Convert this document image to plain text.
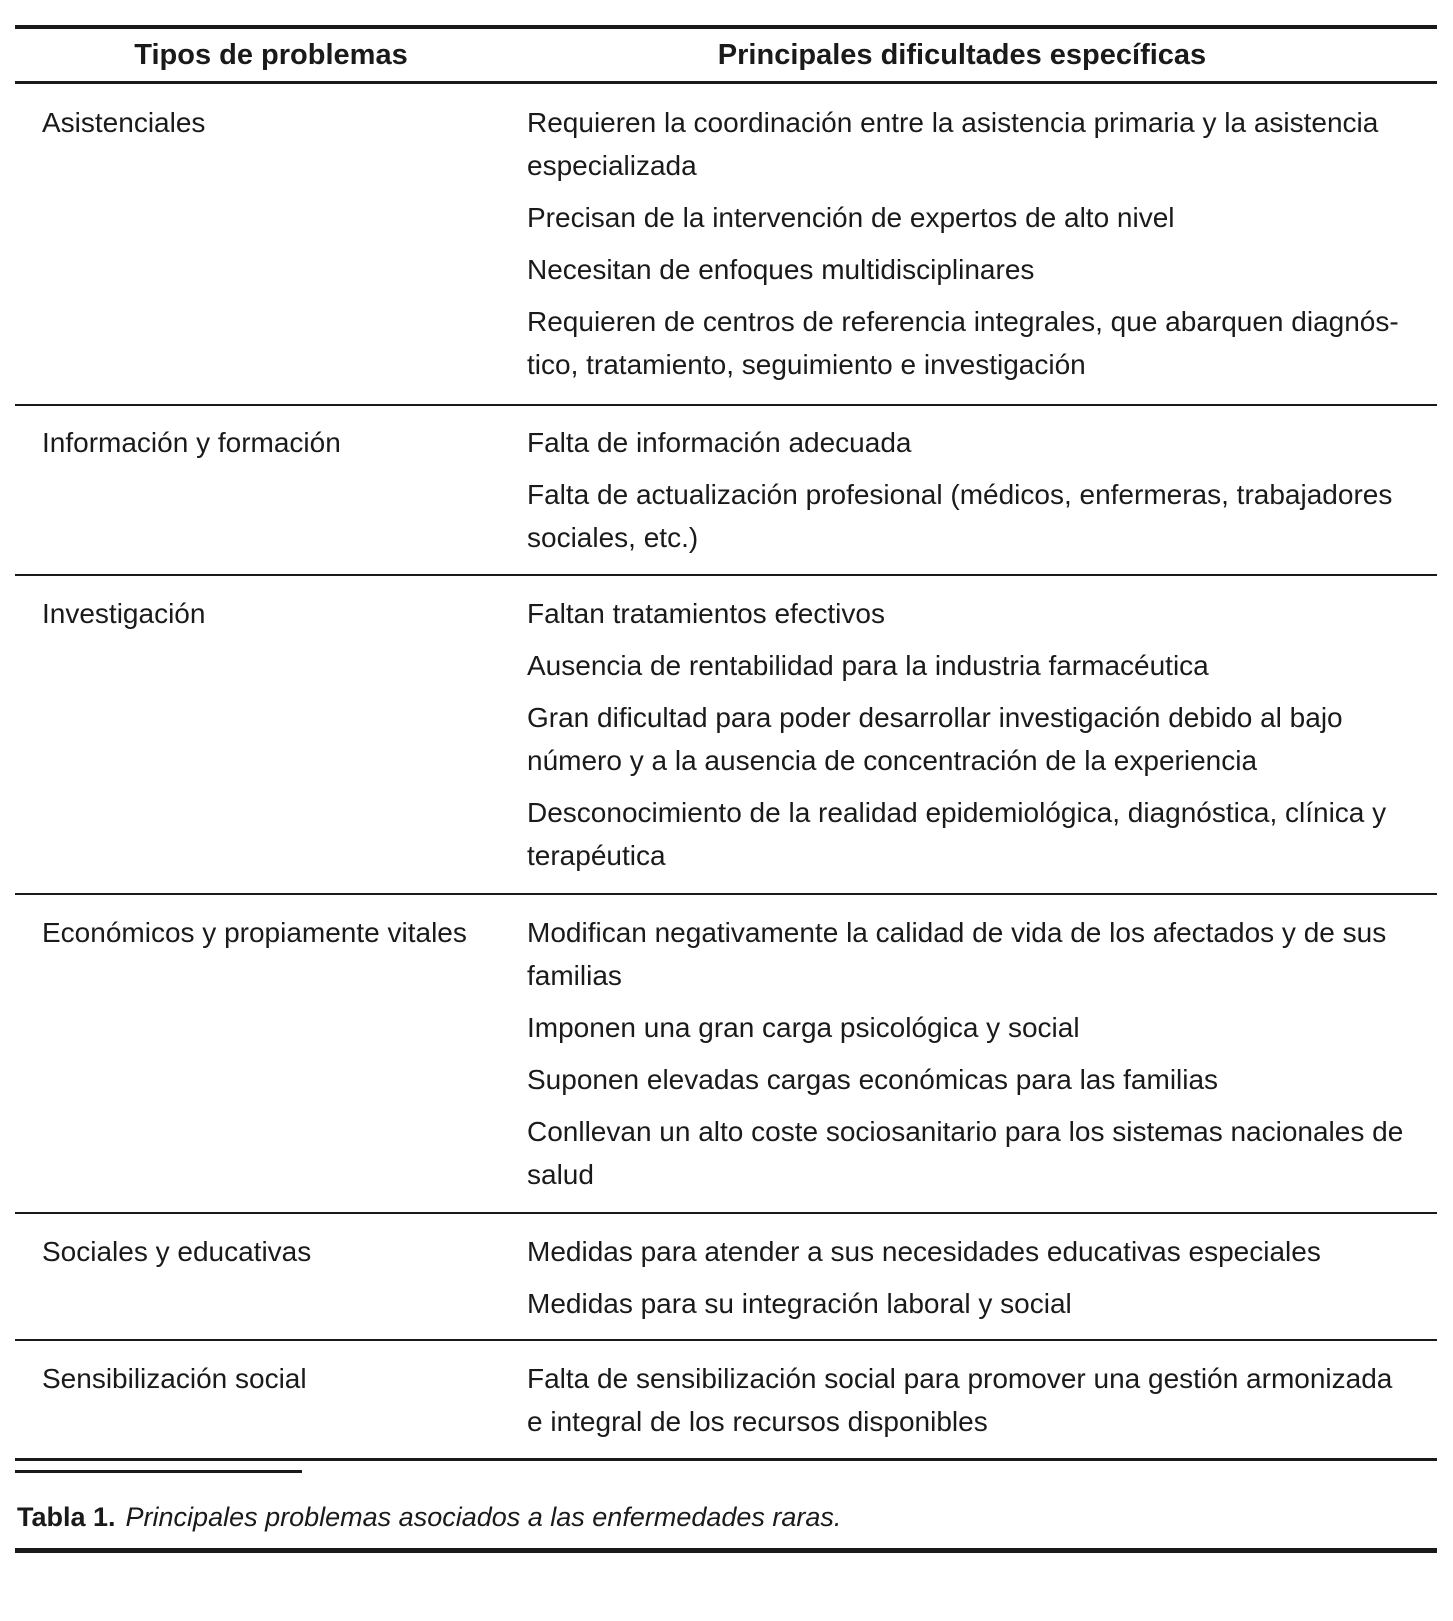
Tipos de problemas	Principales dificultades específicas
Asistenciales	Requieren la coordinación entre la asistencia primaria y la asistencia especializada
Precisan de la intervención de expertos de alto nivel
Necesitan de enfoques multidisciplinares
Requieren de centros de referencia integrales, que abarquen diagnós-tico, tratamiento, seguimiento e investigación
Información y formación	Falta de información adecuada
Falta de actualización profesional (médicos, enfermeras, trabajadores sociales, etc.)
Investigación	Faltan tratamientos efectivos
Ausencia de rentabilidad para la industria farmacéutica
Gran dificultad para poder desarrollar investigación debido al bajo número y a la ausencia de concentración de la experiencia
Desconocimiento de la realidad epidemiológica, diagnóstica, clínica y terapéutica
Económicos y propiamente vitales	Modifican negativamente la calidad de vida de los afectados y de sus familias
Imponen una gran carga psicológica y social
Suponen elevadas cargas económicas para las familias
Conllevan un alto coste sociosanitario para los sistemas nacionales de salud
Sociales y educativas	Medidas para atender a sus necesidades educativas especiales
Medidas para su integración laboral y social
Sensibilización social	Falta de sensibilización social para promover una gestión armonizada e integral de los recursos disponibles
Tabla 1. Principales problemas asociados a las enfermedades raras.
